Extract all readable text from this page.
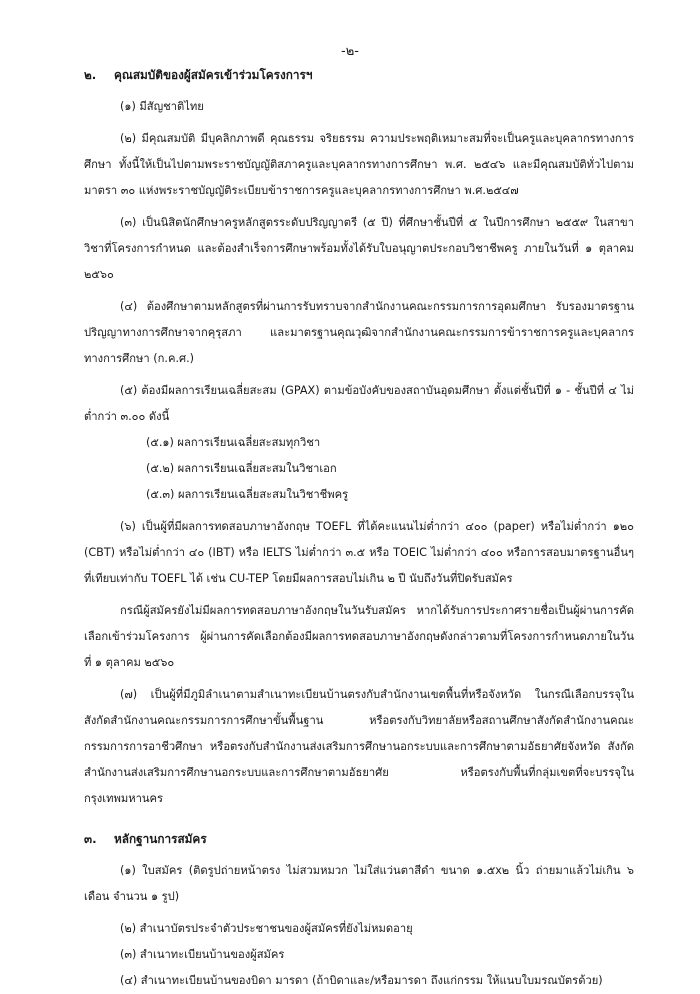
-๒-

๒. คุณสมบัติของผู้สมัครเข้าร่วมโครงการฯ

(๑) มีสัญชาติไทย

(๒) มีคุณสมบัติ มีบุคลิกภาพดี คุณธรรม จริยธรรม ความประพฤติเหมาะสมที่จะเป็นครูและบุคลากรทางการศึกษา ทั้งนี้ให้เป็นไปตามพระราชบัญญัติสภาครูและบุคลากรทางการศึกษา พ.ศ. ๒๕๔๖ และมีคุณสมบัติทั่วไปตามมาตรา ๓๐ แห่งพระราชบัญญัติระเบียบข้าราชการครูและบุคลากรทางการศึกษา พ.ศ.๒๕๔๗

(๓) เป็นนิสิตนักศึกษาครูหลักสูตรระดับปริญญาตรี (๕ ปี) ที่ศึกษาชั้นปีที่ ๕ ในปีการศึกษา ๒๕๕๙ ในสาขาวิชาที่โครงการกำหนด และต้องสำเร็จการศึกษาพร้อมทั้งได้รับใบอนุญาตประกอบวิชาชีพครู ภายในวันที่ ๑ ตุลาคม ๒๕๖๐

(๔) ต้องศึกษาตามหลักสูตรที่ผ่านการรับทราบจากสำนักงานคณะกรรมการการอุดมศึกษา รับรองมาตรฐานปริญญาทางการศึกษาจากคุรุสภา และมาตรฐานคุณวุฒิจากสำนักงานคณะกรรมการข้าราชการครูและบุคลากรทางการศึกษา (ก.ค.ศ.)

(๕) ต้องมีผลการเรียนเฉลี่ยสะสม (GPAX) ตามข้อบังคับของสถาบันอุดมศึกษา ตั้งแต่ชั้นปีที่ ๑ - ชั้นปีที่ ๔ ไม่ต่ำกว่า ๓.๐๐ ดังนี้

(๕.๑) ผลการเรียนเฉลี่ยสะสมทุกวิชา

(๕.๒) ผลการเรียนเฉลี่ยสะสมในวิชาเอก

(๕.๓) ผลการเรียนเฉลี่ยสะสมในวิชาชีพครู

(๖) เป็นผู้ที่มีผลการทดสอบภาษาอังกฤษ TOEFL ที่ได้คะแนนไม่ต่ำกว่า ๔๐๐ (paper) หรือไม่ต่ำกว่า ๑๒๐ (CBT) หรือไม่ต่ำกว่า ๔๐ (IBT) หรือ IELTS ไม่ต่ำกว่า ๓.๕ หรือ TOEIC ไม่ต่ำกว่า ๔๐๐ หรือการสอบมาตรฐานอื่นๆ ที่เทียบเท่ากับ TOEFL ได้ เช่น CU-TEP โดยมีผลการสอบไม่เกิน ๒ ปี นับถึงวันที่ปิดรับสมัคร

กรณีผู้สมัครยังไม่มีผลการทดสอบภาษาอังกฤษในวันรับสมัคร หากได้รับการประกาศรายชื่อเป็นผู้ผ่านการคัดเลือกเข้าร่วมโครงการ ผู้ผ่านการคัดเลือกต้องมีผลการทดสอบภาษาอังกฤษดังกล่าวตามที่โครงการกำหนดภายในวันที่ ๑ ตุลาคม ๒๕๖๐

(๗) เป็นผู้ที่มีภูมิลำเนาตามสำเนาทะเบียนบ้านตรงกับสำนักงานเขตพื้นที่หรือจังหวัด ในกรณีเลือกบรรจุในสังกัดสำนักงานคณะกรรมการการศึกษาขั้นพื้นฐาน หรือตรงกับวิทยาลัยหรือสถานศึกษาสังกัดสำนักงานคณะกรรมการการอาชีวศึกษา หรือตรงกับสำนักงานส่งเสริมการศึกษานอกระบบและการศึกษาตามอัธยาศัยจังหวัด สังกัดสำนักงานส่งเสริมการศึกษานอกระบบและการศึกษาตามอัธยาศัย หรือตรงกับพื้นที่กลุ่มเขตที่จะบรรจุในกรุงเทพมหานคร

๓. หลักฐานการสมัคร

(๑) ใบสมัคร (ติดรูปถ่ายหน้าตรง ไม่สวมหมวก ไม่ใส่แว่นตาสีดำ ขนาด ๑.๕x๒ นิ้ว ถ่ายมาแล้วไม่เกิน ๖ เดือน จำนวน ๑ รูป)

(๒) สำเนาบัตรประจำตัวประชาชนของผู้สมัครที่ยังไม่หมดอายุ

(๓) สำเนาทะเบียนบ้านของผู้สมัคร

(๔) สำเนาทะเบียนบ้านของบิดา มารดา (ถ้าบิดาและ/หรือมารดา ถึงแก่กรรม ให้แนบใบมรณบัตรด้วย)
